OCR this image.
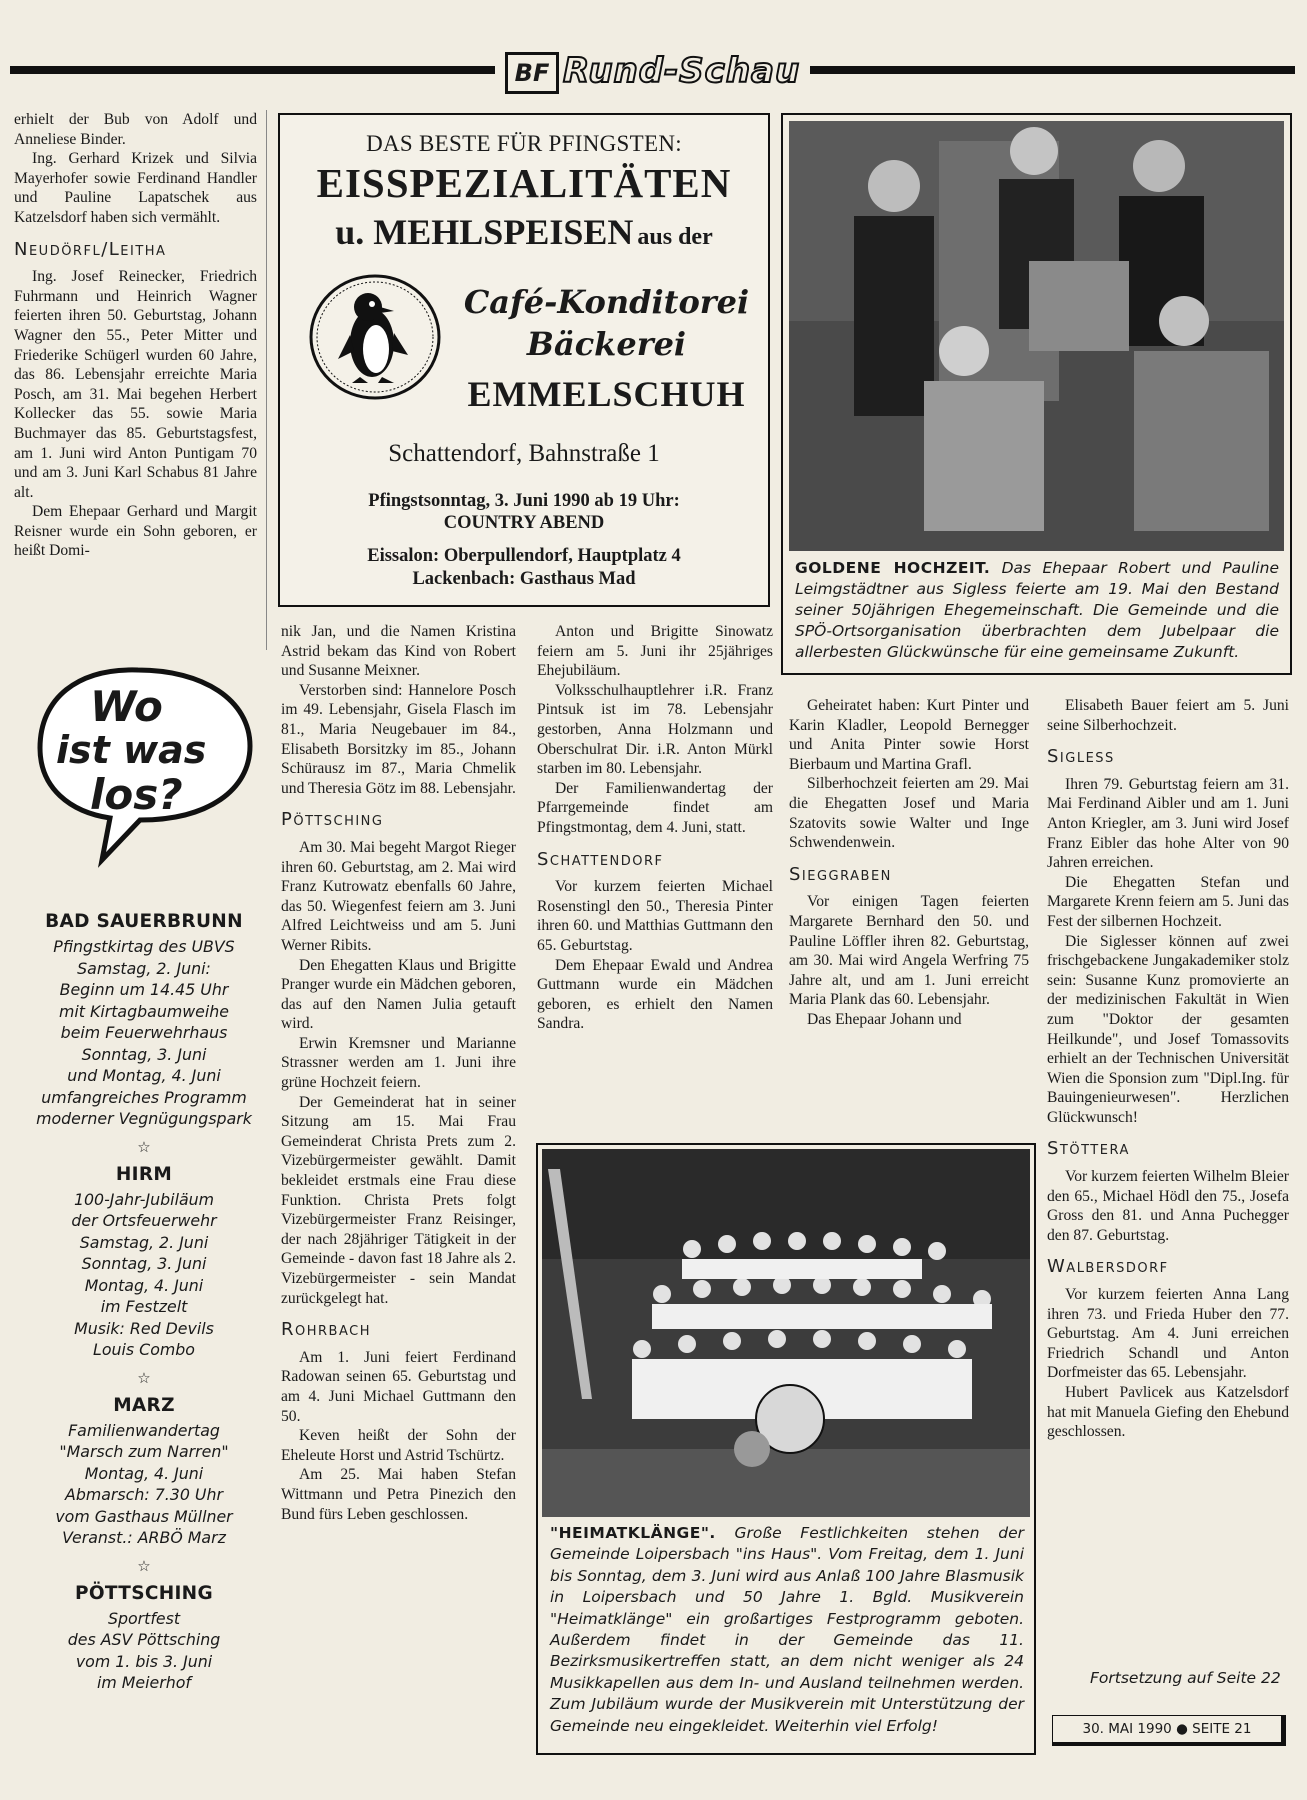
BF Rund-Schau

erhielt der Bub von Adolf und Anneliese Binder.

Ing. Gerhard Krizek und Silvia Mayerhofer sowie Ferdinand Handler und Pauline Lapatschek aus Katzelsdorf haben sich vermählt.

Neudörfl/Leitha

Ing. Josef Reinecker, Friedrich Fuhrmann und Heinrich Wagner feierten ihren 50. Geburtstag, Johann Wagner den 55., Peter Mitter und Friederike Schügerl wurden 60 Jahre, das 86. Lebensjahr erreichte Maria Posch, am 31. Mai begehen Herbert Kollecker das 55. sowie Maria Buchmayer das 85. Geburtstagsfest, am 1. Juni wird Anton Puntigam 70 und am 3. Juni Karl Schabus 81 Jahre alt.

Dem Ehepaar Gerhard und Margit Reisner wurde ein Sohn geboren, er heißt Domi-

Wo
ist was
los?
BAD SAUERBRUNN
Pfingstkirtag des UBVS
Samstag, 2. Juni:
Beginn um 14.45 Uhr
mit Kirtagbaumweihe
beim Feuerwehrhaus
Sonntag, 3. Juni
und Montag, 4. Juni
umfangreiches Programm
moderner Vegnügungspark
☆
HIRM
100-Jahr-Jubiläum
der Ortsfeuerwehr
Samstag, 2. Juni
Sonntag, 3. Juni
Montag, 4. Juni
im Festzelt
Musik: Red Devils
Louis Combo
☆
MARZ
Familienwandertag
"Marsch zum Narren"
Montag, 4. Juni
Abmarsch: 7.30 Uhr
vom Gasthaus Müllner
Veranst.: ARBÖ Marz
☆
PÖTTSCHING
Sportfest
des ASV Pöttsching
vom 1. bis 3. Juni
im Meierhof
DAS BESTE FÜR PFINGSTEN:
EISSPEZIALITÄTEN
u. MEHLSPEISEN aus der
Café-Konditorei
Bäckerei
EMMELSCHUH
Schattendorf, Bahnstraße 1
Pfingstsonntag, 3. Juni 1990 ab 19 Uhr:
COUNTRY ABEND
Eissalon: Oberpullendorf, Hauptplatz 4
Lackenbach: Gasthaus Mad
GOLDENE HOCHZEIT. Das Ehepaar Robert und Pauline Leimgstädtner aus Sigless feierte am 19. Mai den Bestand seiner 50jährigen Ehegemeinschaft. Die Gemeinde und die SPÖ-Ortsorganisation überbrachten dem Jubelpaar die allerbesten Glückwünsche für eine gemeinsame Zukunft.

nik Jan, und die Namen Kristina Astrid bekam das Kind von Robert und Susanne Meixner.

Verstorben sind: Hannelore Posch im 49. Lebensjahr, Gisela Flasch im 81., Maria Neugebauer im 84., Elisabeth Borsitzky im 85., Johann Schürausz im 87., Maria Chmelik und Theresia Götz im 88. Lebensjahr.

Pöttsching

Am 30. Mai begeht Margot Rieger ihren 60. Geburtstag, am 2. Mai wird Franz Kutrowatz ebenfalls 60 Jahre, das 50. Wiegenfest feiern am 3. Juni Alfred Leichtweiss und am 5. Juni Werner Ribits.

Den Ehegatten Klaus und Brigitte Pranger wurde ein Mädchen geboren, das auf den Namen Julia getauft wird.

Erwin Kremsner und Marianne Strassner werden am 1. Juni ihre grüne Hochzeit feiern.

Der Gemeinderat hat in seiner Sitzung am 15. Mai Frau Gemeinderat Christa Prets zum 2. Vizebürgermeister gewählt. Damit bekleidet erstmals eine Frau diese Funktion. Christa Prets folgt Vizebürgermeister Franz Reisinger, der nach 28jähriger Tätigkeit in der Gemeinde - davon fast 18 Jahre als 2. Vizebürgermeister - sein Mandat zurückgelegt hat.

Rohrbach

Am 1. Juni feiert Ferdinand Radowan seinen 65. Geburtstag und am 4. Juni Michael Guttmann den 50.

Keven heißt der Sohn der Eheleute Horst und Astrid Tschürtz.

Am 25. Mai haben Stefan Wittmann und Petra Pinezich den Bund fürs Leben geschlossen.

Anton und Brigitte Sinowatz feiern am 5. Juni ihr 25jähriges Ehejubiläum.

Volksschulhauptlehrer i.R. Franz Pintsuk ist im 78. Lebensjahr gestorben, Anna Holzmann und Oberschulrat Dir. i.R. Anton Mürkl starben im 80. Lebensjahr.

Der Familienwandertag der Pfarrgemeinde findet am Pfingstmontag, dem 4. Juni, statt.

Schattendorf

Vor kurzem feierten Michael Rosenstingl den 50., Theresia Pinter ihren 60. und Matthias Guttmann den 65. Geburtstag.

Dem Ehepaar Ewald und Andrea Guttmann wurde ein Mädchen geboren, es erhielt den Namen Sandra.

Geheiratet haben: Kurt Pinter und Karin Kladler, Leopold Bernegger und Anita Pinter sowie Horst Bierbaum und Martina Grafl.

Silberhochzeit feierten am 29. Mai die Ehegatten Josef und Maria Szatovits sowie Walter und Inge Schwendenwein.

Sieggraben

Vor einigen Tagen feierten Margarete Bernhard den 50. und Pauline Löffler ihren 82. Geburtstag, am 30. Mai wird Angela Werfring 75 Jahre alt, und am 1. Juni erreicht Maria Plank das 60. Lebensjahr.

Das Ehepaar Johann und

Elisabeth Bauer feiert am 5. Juni seine Silberhochzeit.

Sigless

Ihren 79. Geburtstag feiern am 31. Mai Ferdinand Aibler und am 1. Juni Anton Kriegler, am 3. Juni wird Josef Franz Eibler das hohe Alter von 90 Jahren erreichen.

Die Ehegatten Stefan und Margarete Krenn feiern am 5. Juni das Fest der silbernen Hochzeit.

Die Siglesser können auf zwei frischgebackene Jungakademiker stolz sein: Susanne Kunz promovierte an der medizinischen Fakultät in Wien zum "Doktor der gesamten Heilkunde", und Josef Tomassovits erhielt an der Technischen Universität Wien die Sponsion zum "Dipl.Ing. für Bauingenieurwesen". Herzlichen Glückwunsch!

Stöttera

Vor kurzem feierten Wilhelm Bleier den 65., Michael Hödl den 75., Josefa Gross den 81. und Anna Puchegger den 87. Geburtstag.

Walbersdorf

Vor kurzem feierten Anna Lang ihren 73. und Frieda Huber den 77. Geburtstag. Am 4. Juni erreichen Friedrich Schandl und Anton Dorfmeister das 65. Lebensjahr.

Hubert Pavlicek aus Katzelsdorf hat mit Manuela Giefing den Ehebund geschlossen.

"HEIMATKLÄNGE". Große Festlichkeiten stehen der Gemeinde Loipersbach "ins Haus". Vom Freitag, dem 1. Juni bis Sonntag, dem 3. Juni wird aus Anlaß 100 Jahre Blasmusik in Loipersbach und 50 Jahre 1. Bgld. Musikverein "Heimatklänge" ein großartiges Festprogramm geboten. Außerdem findet in der Gemeinde das 11. Bezirksmusikertreffen statt, an dem nicht weniger als 24 Musikkapellen aus dem In- und Ausland teilnehmen werden. Zum Jubiläum wurde der Musikverein mit Unterstützung der Gemeinde neu eingekleidet. Weiterhin viel Erfolg!
Fortsetzung auf Seite 22
30. MAI 1990 ● SEITE 21
